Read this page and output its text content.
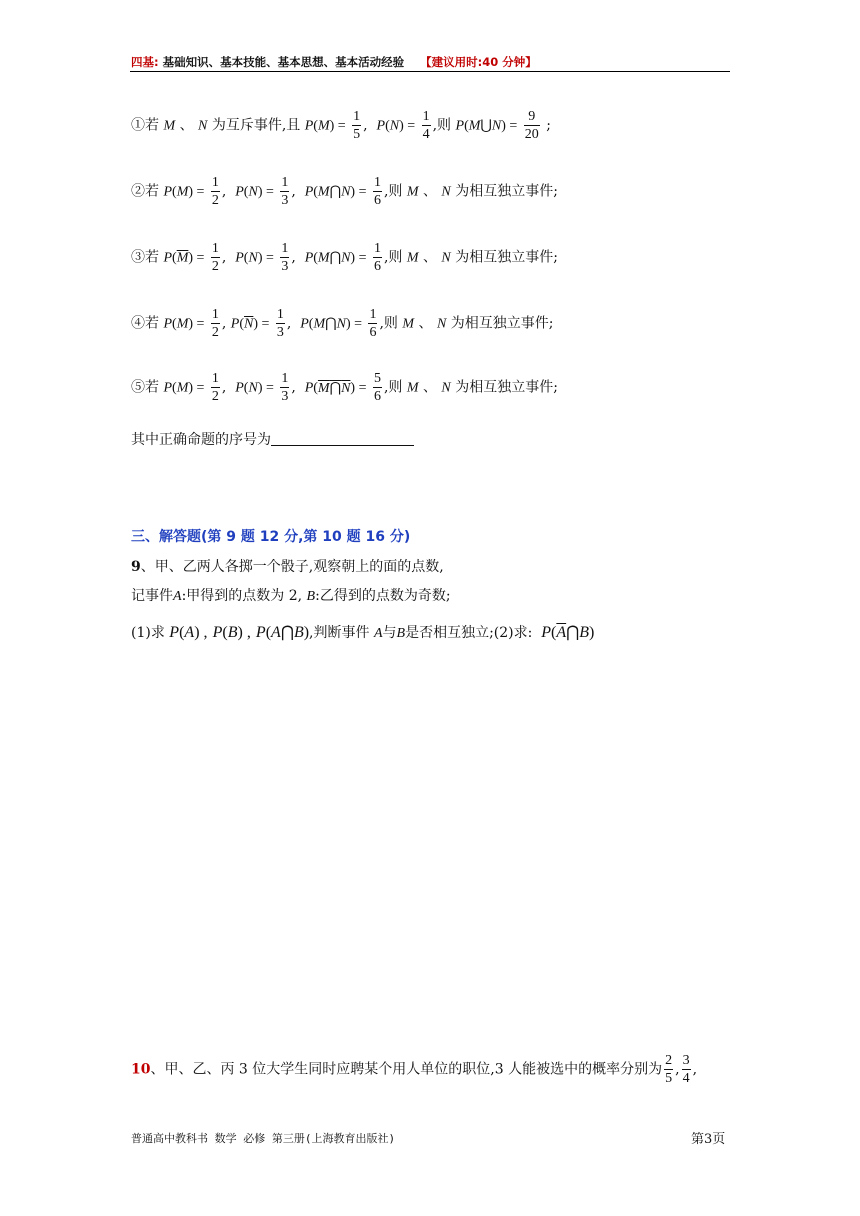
四基: 基础知识、基本技能、基本思想、基本活动经验 【建议用时:40 分钟】
①若 M 、 N 为互斥事件,且 $P(M) = \frac{1}{5}$ ,  $P(N) = \frac{1}{4}$ ,则 P(M⋃N) = $\frac{9}{20}$ ;
②若 $P(M) = \frac{1}{2}$ ,  $P(N) = \frac{1}{3}$ ,  P(M⋂N) = $\frac{1}{6}$ ,则 M 、 N 为相互独立事件;
③若 $P(\overline{M}) = \frac{1}{2}$ ,  $P(N) = \frac{1}{3}$ ,  P(M⋂N) = $\frac{1}{6}$ ,则 M 、 N 为相互独立事件;
④若 $P(M) = \frac{1}{2}$ , $P(\overline{N}) = \frac{1}{3}$ ,  P(M⋂N) = $\frac{1}{6}$ ,则 M 、 N 为相互独立事件;
⑤若 $P(M) = \frac{1}{2}$ ,  $P(N) = \frac{1}{3}$ ,  P(M⋂N) = $\frac{5}{6}$ ,则 M 、 N 为相互独立事件;
其中正确命题的序号为
三、解答题(第 9 题 12 分,第 10 题 16 分)
9、甲、乙两人各掷一个骰子,观察朝上的面的点数,
记事件A:甲得到的点数为 2, B:乙得到的点数为奇数;
(1)求 P(A) , P(B) , P(A⋂B),判断事件 A与B是否相互独立;(2)求: $P(\overline{A}⋂B)$
10、甲、乙、丙 3 位大学生同时应聘某个用人单位的职位,3 人能被选中的概率分别为 $\frac{2}{5}$ , $\frac{3}{4}$ ,
普通高中教科书 数学 必修 第三册(上海教育出版社)	第3页
